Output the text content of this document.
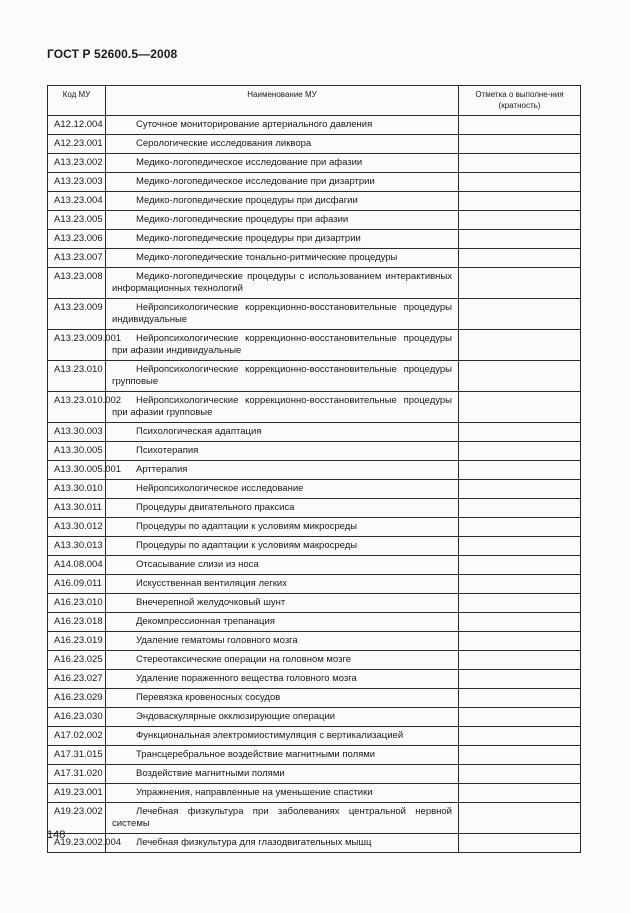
ГОСТ Р 52600.5—2008
Код МУ	Наименование МУ	Отметка о выполне-ния (кратность)
A12.12.004	Суточное мониторирование артериального давления	
A12.23.001	Серологические исследования ликвора	
A13.23.002	Медико-логопедическое исследование при афазии	
A13.23.003	Медико-логопедическое исследование при дизартрии	
A13.23.004	Медико-логопедические процедуры при дисфагии	
A13.23.005	Медико-логопедические процедуры при афазии	
A13.23.006	Медико-логопедические процедуры при дизартрии	
A13.23.007	Медико-логопедические тонально-ритмические процедуры	
A13.23.008	Медико-логопедические процедуры с использованием интерактивных информационных технологий	
A13.23.009	Нейропсихологические коррекционно-восстановительные процедуры индивидуальные	
A13.23.009.001	Нейропсихологические коррекционно-восстановительные процедуры при афазии индивидуальные	
A13.23.010	Нейропсихологические коррекционно-восстановительные процедуры групповые	
A13.23.010.002	Нейропсихологические коррекционно-восстановительные процедуры при афазии групповые	
A13.30.003	Психологическая адаптация	
A13.30.005	Психотерапия	
A13.30.005.001	Арттерапия	
A13.30.010	Нейропсихологическое исследование	
A13.30.011	Процедуры двигательного праксиса	
A13.30.012	Процедуры по адаптации к условиям микросреды	
A13.30.013	Процедуры по адаптации к условиям макросреды	
A14.08.004	Отсасывание слизи из носа	
A16.09.011	Искусственная вентиляция легких	
A16.23.010	Внечерепной желудочковый шунт	
A16.23.018	Декомпрессионная трепанация	
A16.23.019	Удаление гематомы головного мозга	
A16.23.025	Стереотаксические операции на головном мозге	
A16.23.027	Удаление пораженного вещества головного мозга	
A16.23.029	Перевязка кровеносных сосудов	
A16.23.030	Эндоваскулярные окклюзирующие операции	
A17.02.002	Функциональная электромиостимуляция с вертикализацией	
A17.31.015	Трансцеребральное воздействие магнитными полями	
A17.31.020	Воздействие магнитными полями	
A19.23.001	Упражнения, направленные на уменьшение спастики	
A19.23.002	Лечебная физкультура при заболеваниях центральной нервной системы	
A19.23.002.004	Лечебная физкультура для глазодвигательных мышц	
148
